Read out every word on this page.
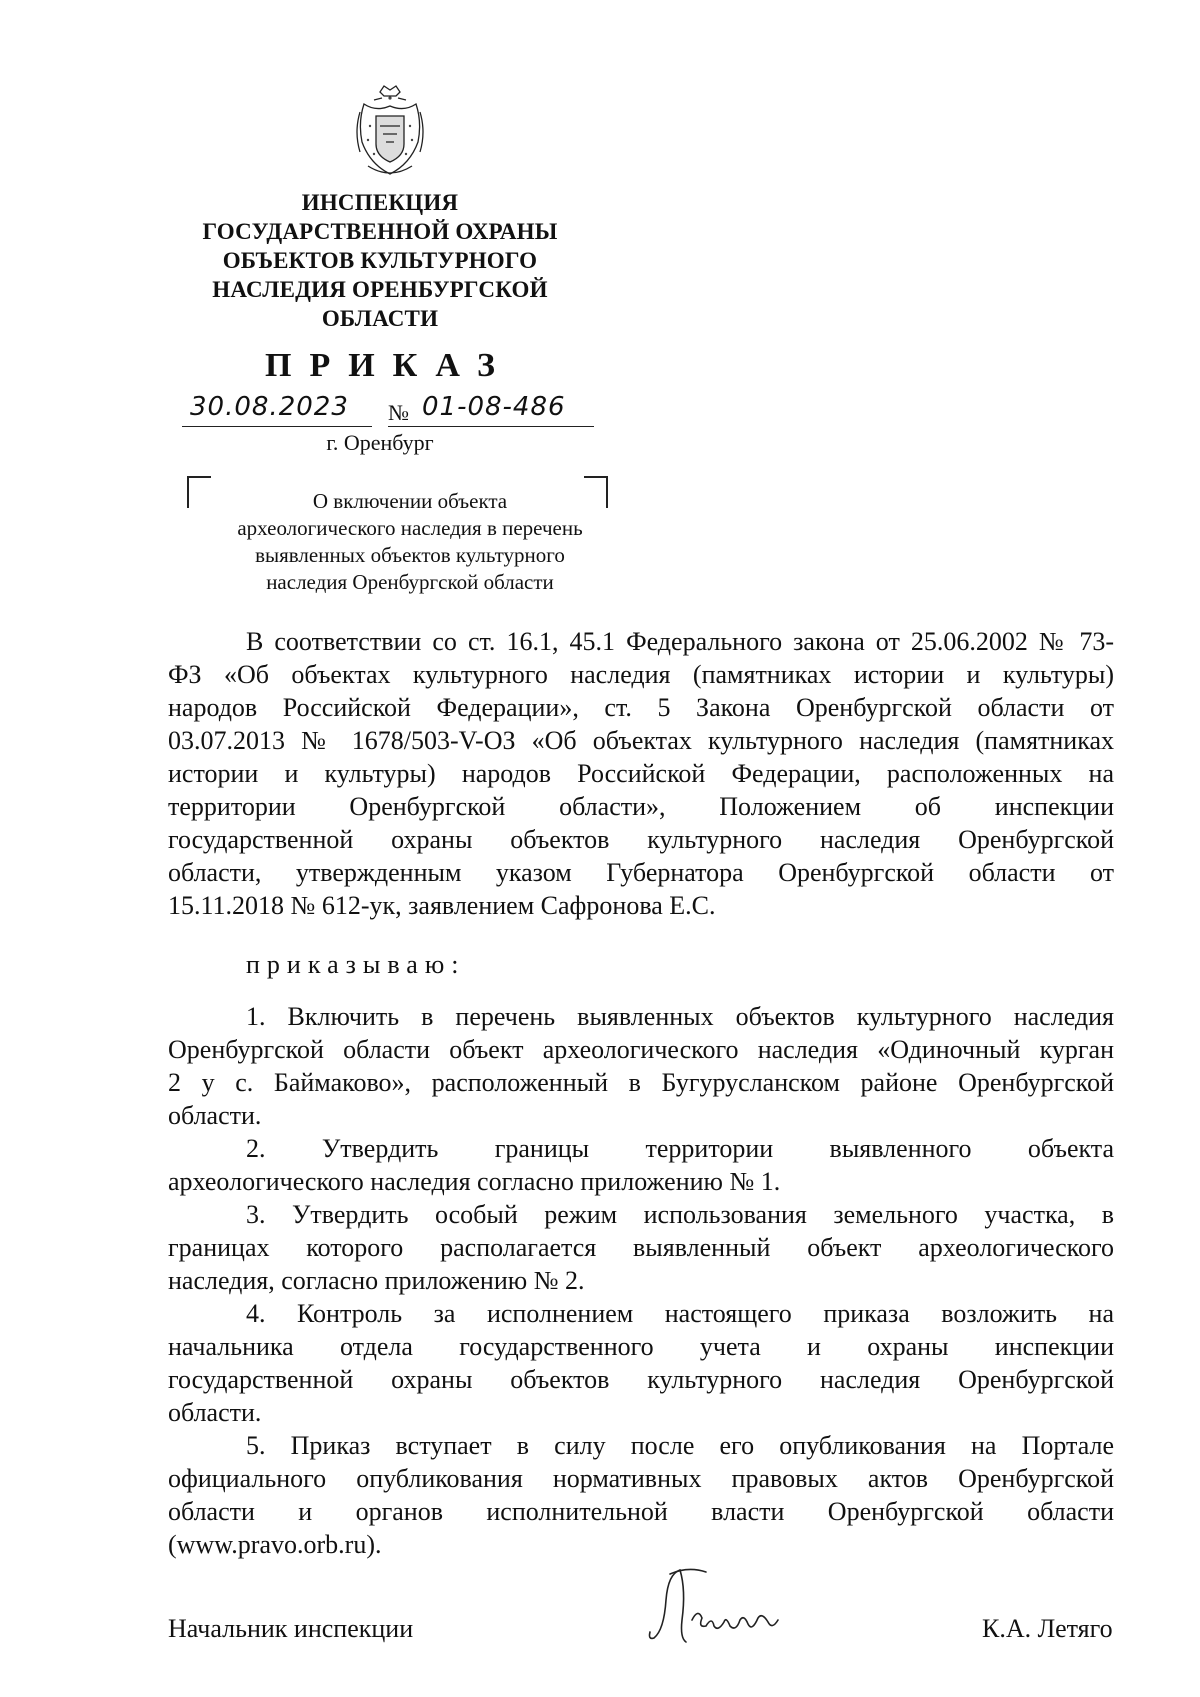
ИНСПЕКЦИЯ
ГОСУДАРСТВЕННОЙ ОХРАНЫ
ОБЪЕКТОВ КУЛЬТУРНОГО
НАСЛЕДИЯ ОРЕНБУРГСКОЙ
ОБЛАСТИ
ПРИКАЗ
30.08.2023 № 01-08-486
г. Оренбург
О включении объекта
археологического наследия в перечень
выявленных объектов культурного
наследия Оренбургской области
В соответствии со ст. 16.1, 45.1 Федерального закона от 25.06.2002 № 73-
ФЗ «Об объектах культурного наследия (памятниках истории и культуры)
народов Российской Федерации», ст. 5 Закона Оренбургской области от
03.07.2013 № 1678/503-V-ОЗ «Об объектах культурного наследия (памятниках
истории и культуры) народов Российской Федерации, расположенных на
территории Оренбургской области», Положением об инспекции
государственной охраны объектов культурного наследия Оренбургской
области, утвержденным указом Губернатора Оренбургской области от
15.11.2018 № 612-ук, заявлением Сафронова Е.С.
приказываю:
1. Включить в перечень выявленных объектов культурного наследия
Оренбургской области объект археологического наследия «Одиночный курган
2 у с. Баймаково», расположенный в Бугурусланском районе Оренбургской
области.
2. Утвердить границы территории выявленного объекта
археологического наследия согласно приложению № 1.
3. Утвердить особый режим использования земельного участка, в
границах которого располагается выявленный объект археологического
наследия, согласно приложению № 2.
4. Контроль за исполнением настоящего приказа возложить на
начальника отдела государственного учета и охраны инспекции
государственной охраны объектов культурного наследия Оренбургской
области.
5. Приказ вступает в силу после его опубликования на Портале
официального опубликования нормативных правовых актов Оренбургской
области и органов исполнительной власти Оренбургской области
(www.pravo.orb.ru).
Начальник инспекции	К.А. Летяго
